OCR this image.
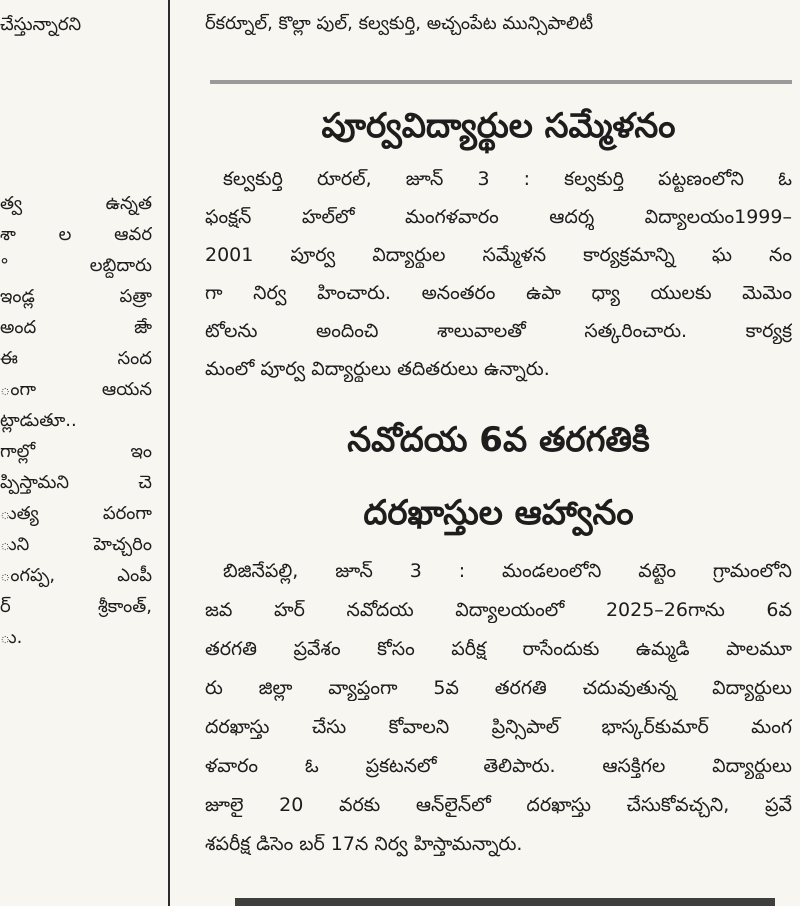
చేస్తున్నారని
త్వ ఉన్నత
శా ల ఆవర
° లబ్ధిదారు
ఇండ్ల పత్రా
అంద జేా
ఈ సంద
ంగా ఆయన
ట్లాడుతూ..
గాల్లో ఇం
ప్పిస్తామని చె
ుత్య పరంగా
ుని హెచ్చరిం
ంగప్ప, ఎంపీ
ర్ శ్రీకాంత్,
ు.
ర్‌కర్నూల్, కొల్లా పుల్, కల్వకుర్తి, అచ్చంపేట మున్సిపాలిటీ
పూర్వవిద్యార్థుల సమ్మేళనం
కల్వకుర్తి రూరల్, జూన్ 3 : కల్వకుర్తి పట్టణంలోని ఓ
ఫంక్షన్ హల్‌లో మంగళవారం ఆదర్శ విద్యాలయం1999–
2001 పూర్వ విద్యార్థుల సమ్మేళన కార్యక్రమాన్ని ఘ నం
గా నిర్వ హించారు. అనంతరం ఉపా ధ్యా యులకు మెమెం
టోలను అందించి శాలువాలతో సత్కరించారు. కార్యక్ర
మంలో పూర్వ విద్యార్థులు తదితరులు ఉన్నారు.
నవోదయ 6వ తరగతికి
దరఖాస్తుల ఆహ్వానం
బిజినేపల్లి, జూన్ 3 : మండలంలోని వట్టెం గ్రామంలోని
జవ హర్ నవోదయ విద్యాలయంలో 2025–26గాను 6వ
తరగతి ప్రవేశం కోసం పరీక్ష రాసేందుకు ఉమ్మడి పాలమూ
రు జిల్లా వ్యాప్తంగా 5వ తరగతి చదువుతున్న విద్యార్థులు
దరఖాస్తు చేసు కోవాలని ప్రిన్సిపాల్ భాస్కర్‌కుమార్ మంగ
ళవారం ఓ ప్రకటనలో తెలిపారు. ఆసక్తిగల విద్యార్థులు
జూలై 20 వరకు ఆన్‌లైన్‌లో దరఖాస్తు చేసుకోవచ్చని, ప్రవే
శపరీక్ష డిసెం బర్ 17న నిర్వ హిస్తామన్నారు.
